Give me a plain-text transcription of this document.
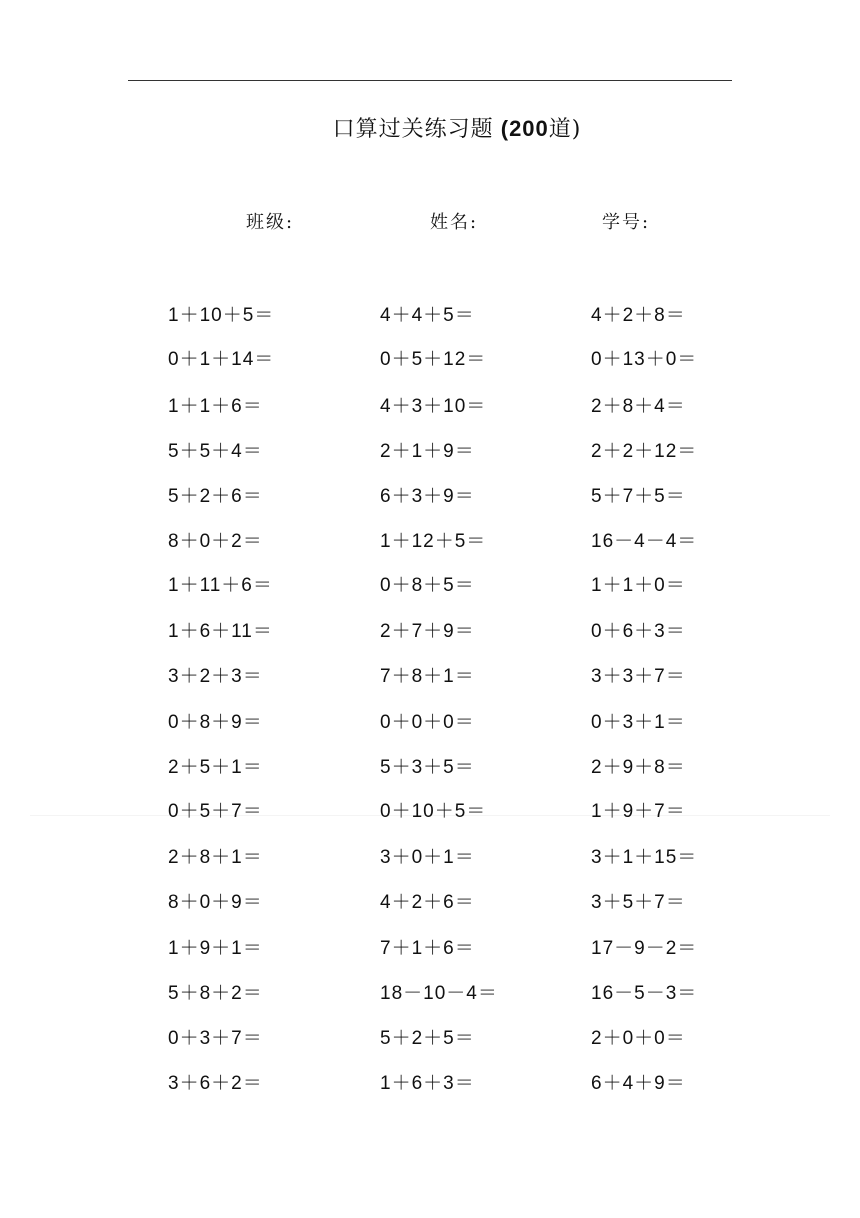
口算过关练习题 (200道)
班级:	姓名:	学号:
1＋10＋5＝	4＋4＋5＝	4＋2＋8＝
0＋1＋14＝	0＋5＋12＝	0＋13＋0＝
1＋1＋6＝	4＋3＋10＝	2＋8＋4＝
5＋5＋4＝	2＋1＋9＝	2＋2＋12＝
5＋2＋6＝	6＋3＋9＝	5＋7＋5＝
8＋0＋2＝	1＋12＋5＝	16－4－4＝
1＋11＋6＝	0＋8＋5＝	1＋1＋0＝
1＋6＋11＝	2＋7＋9＝	0＋6＋3＝
3＋2＋3＝	7＋8＋1＝	3＋3＋7＝
0＋8＋9＝	0＋0＋0＝	0＋3＋1＝
2＋5＋1＝	5＋3＋5＝	2＋9＋8＝
0＋5＋7＝	0＋10＋5＝	1＋9＋7＝
2＋8＋1＝	3＋0＋1＝	3＋1＋15＝
8＋0＋9＝	4＋2＋6＝	3＋5＋7＝
1＋9＋1＝	7＋1＋6＝	17－9－2＝
5＋8＋2＝	18－10－4＝	16－5－3＝
0＋3＋7＝	5＋2＋5＝	2＋0＋0＝
3＋6＋2＝	1＋6＋3＝	6＋4＋9＝
